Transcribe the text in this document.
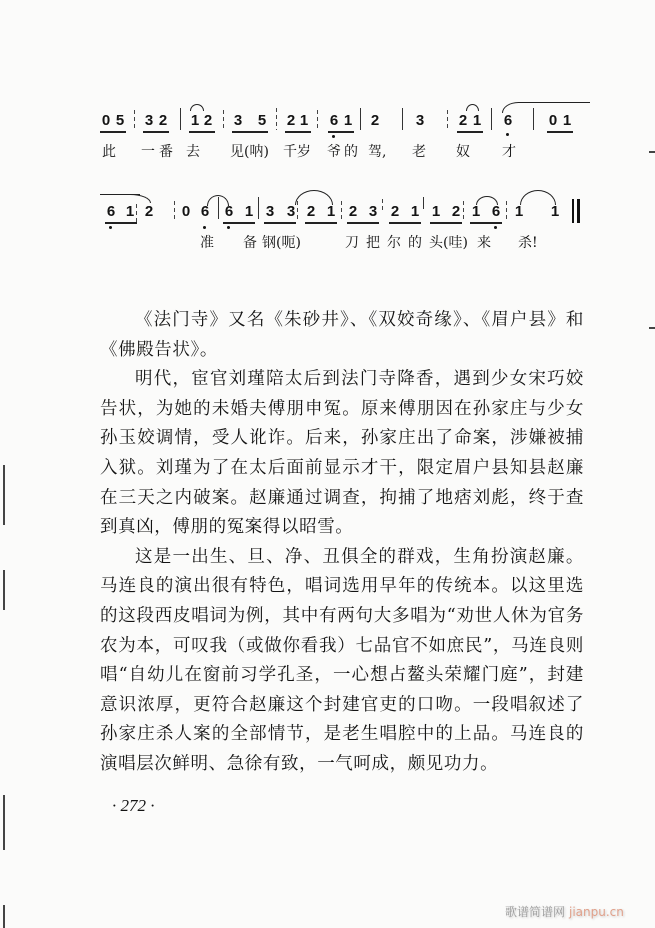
0 5 3 2 1 2 3 5 2 1 6 1 2 3 2 1 6 0 1
此 一番 去 见(呐) 千岁 爷的 驾, 老 奴 才
6 1 2 0 6 6 1 3 3 2 1 2 3 2 1 1 2 1 6 1 1
准 备 钢(呃)	刀 把 尔 的 头(哇) 来 杀!

《法门寺》又名《朱砂井》、《双姣奇缘》、《眉户县》和《佛殿告状》。

明代，宦官刘瑾陪太后到法门寺降香，遇到少女宋巧姣告状，为她的未婚夫傅朋申冤。原来傅朋因在孙家庄与少女孙玉姣调情，受人讹诈。后来，孙家庄出了命案，涉嫌被捕入狱。刘瑾为了在太后面前显示才干，限定眉户县知县赵廉在三天之内破案。赵廉通过调查，拘捕了地痞刘彪，终于查到真凶，傅朋的冤案得以昭雪。

这是一出生、旦、净、丑俱全的群戏，生角扮演赵廉。马连良的演出很有特色，唱词选用早年的传统本。以这里选的这段西皮唱词为例，其中有两句大多唱为“劝世人休为官务农为本，可叹我（或做你看我）七品官不如庶民”，马连良则唱“自幼儿在窗前习学孔圣，一心想占鳌头荣耀门庭”，封建意识浓厚，更符合赵廉这个封建官吏的口吻。一段唱叙述了孙家庄杀人案的全部情节，是老生唱腔中的上品。马连良的演唱层次鲜明、急徐有致，一气呵成，颇见功力。

· 272 ·
歌谱简谱网 jianpu.cn
